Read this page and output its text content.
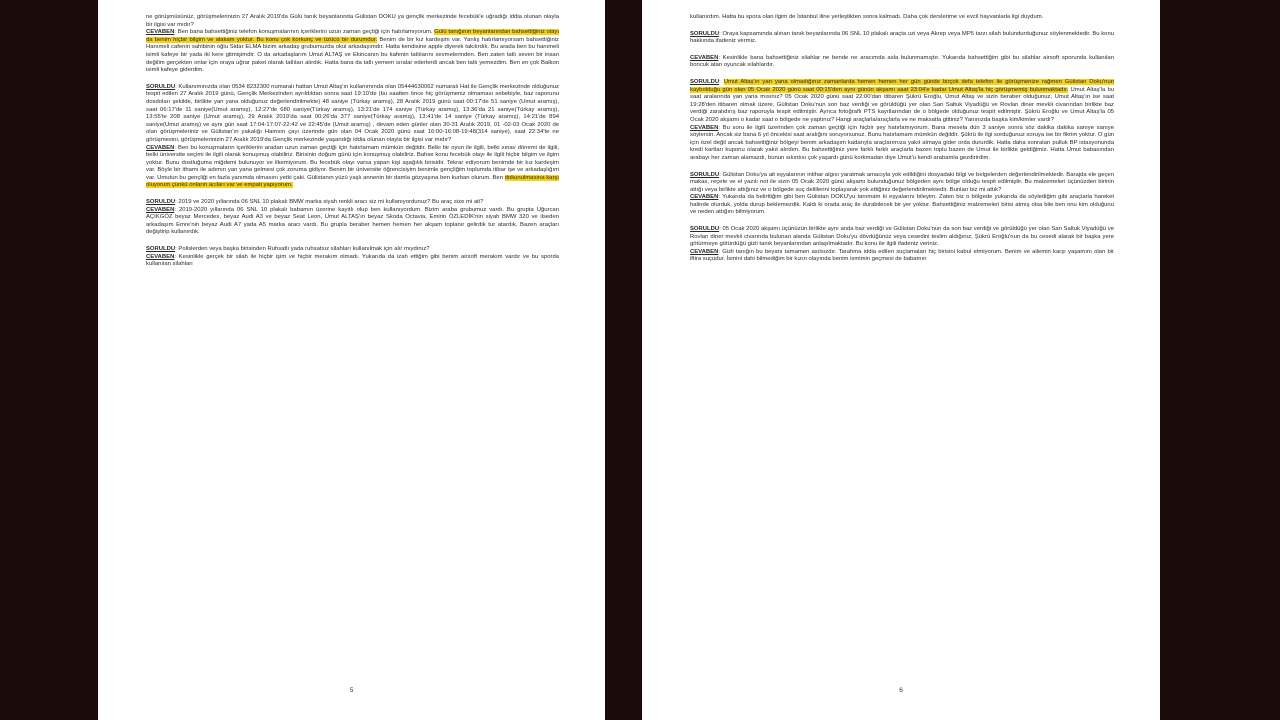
ne görüşmüsünüz, görüşmelerinizin 27 Aralık 2019'da Gülü tanık beyanlarında Gülistan DOKU ya gençlik merkezinde fecebük'e uğradığı iddia olunan olayla bir ilgisi var mıdır?

CEVABEN: Ben bana bahsettiğiniz telefon konuşmalarının içeriklerini uzun zaman geçtiği için hatırlamıyorum. Gülü tanığının beyanlarından bahsettiğiniz olayı da benim hiçbir bilgim ve alakam yoktur. Bu konu çok korkunç ve üzücü bir durumdur. Benim de bir kız kardeşim var. Yanlış hatırlamıyorsam bahsettiğiniz Hanımeli cafenin sahibinin oğlu Sidar ELMA bizim arkadaş grubumuzda okul arkadaşımdır. Hatta kendisine apple diyerek takılırdık. Bu arada ben bu hanımeli isimli kafeye bir yada iki kere gitmişimdir. O da arkadaşlarım Umut ALTAŞ ve Ekincanın bu kafenin tatlılarını sevmelerinden. Ben zaten tatlı seven bir insan değilim gerçekten onlar için oraya uğrar paket olarak tatlıları alırdık. Hatta bana da tatlı yemem sıralar ederlerdi ancak ben tatlı yemezdim. Ben en çok Balkon isimli kafeye giderdim.

SORULDU: Kullanımınızda olan 0534 8232300 numaralı hattan Umut Altaş'ın kullanımında olan 05444630062 numaralı Hat ile Gençlik merkezinde olduğunuz tespit edilen 27 Aralık 2019 günü, Gençlik Merkezinden ayrıldıktan sonra saat 19:10'de (bu saatten önce hiç görüşmeniz olmaması sebebiyle, baz raporunu dosdoları şekilde, birlikte yan yana olduğunuz değerlendirilmekte) 48 saniye (Türkay aramış), 28 Aralık 2019 günü saat 00:17'de 51 saniye (Umut aramış), saat 06:17'de 11 saniye(Umut aramış), 12:27'de 680 saniye(Türkay aramış), 13:21'de 174 saniye (Türkay aramış), 13:36'da 21 saniye(Türkay aramış), 13:55'te 208 saniye (Umut aramış), 29 Aralık 2019'da saat 00:26'da 377 saniye(Türkay aramış), 13:41'de 14 saniye (Türkay aramış), 14:21'de 894 saniye(Umut aramış) ve aynı gün saat 17:04-17:07-22:42 ve 22:45'de (Umut aramış) , devam eden günler olan 30-31 Aralık 2019, 01 -02-03 Ocak 2020 de olan görüşmeleriniz ve Gülistan'ın yakalığı Hamsın çayı üzerinde gün olan 04 Ocak 2020 günü saat 16:00-16:08-19:48(314 saniye), saat 22:34'te ne görüşmesini, görüşmelerinizin 27 Aralık 2019'da Gençlik merkezinde yaşandığı iddia olunan olayla bir ilgisi var mıdır?

CEVABEN: Ben bu konuşmaların içeriklerini aradan uzun zaman geçtiği için hatırlamam mümkün değildir. Belki bir oyun ile ilgili, belki sınav dönemi de ilgili, belki üniversite seçimi ile ilgili olarak konuşmuş olabiliriz. Birisinin doğum günü için konuşmuş olabiliriz. Bahse konu fecebük olayı ile ilgili hiçbir bilgim ve ilgim yoktur. Bunu dostluğuma miğdemi bulunuyor ve ilkemiyorum. Bu fecebük olayı varsa yapan kişi aşağılık birisidir. Tekrar ediyorum benimde bir kız kardeşim var. Böyle bir ithamı ile adımın yan yana gelmesi çok zoruma gidiyor. Benim bir üniversite öğrencisiyim benimle gençliğim toplumda itibar işe ve arkadaşlığım var. Umutun bu gençliği en fazla yanımda olmasını yetki çaki. Gülistanın yüzü yaşlı annenin bir damla gözyaşına ben kurban olurum. Ben dokunulmasına karşı oluyorum çünkü onların acıları var ve empati yapıyorum.

SORULDU: 2019 ve 2020 yıllarında 06 SNL 10 plakalı BMW marka siyah renkli aracı siz mi kullanıyordunuz? Bu araç size mi ait?

CEVABEN: 2019-2020 yıllarında 06 SNL 10 plakalı babamın üzerine kayıtlı olup ben kullanıyordum. Bizim araba grubumuz vardı. Bu grupta Uğurcan AÇIKGÖZ beyaz Mercedes, beyaz Audi A3 ve beyaz Seat Leon, Umut ALTAŞ'ın beyaz Skoda Octavia, Emirin ÖZLEDİK'nin siyah BMW 320 ve ilseden arkadaşım Emre'nin beyaz Audi A7 yada A5 marka aracı vardı. Bu grupla beraber hemen hemen her akşam toplanır gelirdik tur atardık. Bazen araçları değiştirip kullanırdık.

SORULDU: Polislerden veya başka birisinden Ruhsatlı yada ruhsatsız silahları kullanılmak için alır mıydınız?

CEVABEN: Kesinlikle gerçek bir silah ile hiçbir işim ve hiçbir merakım olmadı. Yukarıda da izah ettiğim gibi benim airsoft merakım vardır ve bu sporda kullanılan silahları

5

kullanırdım. Hatta bu spora olan ilgim de İstanbul iline yerleştikten sonra kalmadı. Daha çok derslerime ve evcil hayvanlarla ilgi duydum.

SORULDU: Oraya kapsamında alınan tanık beyanlarında 06 SNL 10 plakalı araçta uzi veya Akrep veya MP5 tarzı silah bulundurduğunuz söylenmektedir. Bu konu hakkında ifadeniz vermiz.

CEVABEN: Kesinlikle bana bahsettiğiniz silahlar ne bende ne aracımda asla bulunmamıştır. Yukarıda bahsettiğim gibi bu silahlar airsoft sporunda kullanılan boncuk atan oyuncak silahlardır.

SORULDU: Umut Altaş'ın yan yana olmadığınız zamanlarda hemen hemen her gün günde birçok defa telefon ile görüşmenize rağmen Gülistan Doku'nun kaybolduğu gün olan 05 Ocak 2020 günü saat 00:15'den aynı günün akşamı saat 23:04'e kadar Umut Altaş'la hiç görüşmemiş bulunmaktadır. Umut Altaş'la bu saat aralarında yan yana mısınız? 05 Ocak 2020 günü saat 22:00'dan itibaren Şükrü Eroğlu, Umut Altaş ve sizin beraber olduğunuz, Umut Altaş'ın ise saat 19:28'den itibaren olmak üzere, Gülistan Doku'nun son baz verdiği ve görüldüğü yer olan San Saltuk Viyadüğü ve Rovlan diner mevkii civarından birlikte baz verdiği zaralıdırış baz raporuyla tespit edilmiştir. Ayrıca fotoğraflı PTS kayıtlarından de o bölgede olduğunuz tespit edilmiştir. Şükrü Eroğlu ve Umut Altaş'la 05 Ocak 2020 akşamı o kadar saat o bölgede ne yaptınız? Hangi araçlarla/araçlarla ve ne maksatla gittiniz? Yanınızda başka kim/kimler vardı?

CEVABEN: Bu soru ile ilgili üzerinden çok zaman geçtiği için hiçbir şey hatırlamıyorum. Bana mesela dün 3 saniye sonra söz dakika dakika sanıye sanıye söylersin. Ancak siz bana 6 yıl öncekisi saat aralığını soruyorsunuz. Bunu hatırlamam mümkün değildir. Şükrü ile ilgi sorduğunuz soruya ise bir fikrim yoktur. O gün için özel değil ancak bahsettiğiniz bölgeyi benim arkadaşım kadarıyla araçlarımıza yakıt almaya gider orda dururdik. Hatta daha sonraları pulluk BP istasyonunda kredi kartları kuponu olarak yakıt alırdım. Bu bahsettiğiniz yere farklı farklı araçlarla bazen toplu bazen de Umut ile birlikte geldiğimiz. Hatta Umut babasından arabayı her zaman alamazdı, bunun sıkıntısı çok yaşardı günü korkmadan diye Umut'u kendi arabamla gezdirirdim.

SORULDU: Gülistan Doku'ya ait eşyalarının intihar algısı yaratmak amacıyla yok edildiğini dosyadaki bilgi ve belgelerden değerlendirilmektedir. Barajda ele geçen makas, reçete ve el yazılı not ile sizin 05 Ocak 2020 günü akşamı bulunduğunuz bölgeden aynı bölge olduğu tespit edilmiştir. Bu malzemeleri üçünüzden birinin attığı veya birlikte attığınız ve o bölgede suç delillerini toplayarak yok ettiğiniz değerlendirilmektedir. Bunları biz mi attık?

CEVABEN: Yukarıda da belirttiğim gibi ben Gülistan DOKU'yu tanımam ki eşyalarını bileyim. Zaten biz o bölgede yukarıda da söylediğim gibi araçlarla hareket halinde olurduk, yolda durup beklemezdik. Kaldı ki orada araç ile durabilecek bir yer yoktur. Bahsettiğiniz malzemeleri birisi atmış olsa bile ben onu kim olduğunu ve neden attığını bilmiyorum.

SORULDU: 05 Ocak 2020 akşamı üçünüzün birlikte aynı anda baz verdiği ve Gülistan Doku'nun da son baz verdiği ve görüldüğü yer olan San Saltuk Viyadüğü ve Rovlan diner mevkii civarında bulunan alanda Gülistan Doku'yu dövdüğünüz veya cesedini teslim aldığınız, Şükrü Eroğlu'nun da bu cesedi alarak bir başka yere götürmeye götürdüğü gizli tanık beyanlarından anlaşılmaktadır. Bu konu ile ilgili ifadeniz veriniz.

CEVABEN: Gizli tanığın bu beyanı tamamen asılsızdır. Tarafıma iddia edilen suçlamaları hiç birisini kabul etmiyorum. Benim ve ailemin karşı yaşamını olan bir iftira suçudur. İsmini dahi bilmediğim bir kızın olayında benim ismimin geçmesi de babamın

6
